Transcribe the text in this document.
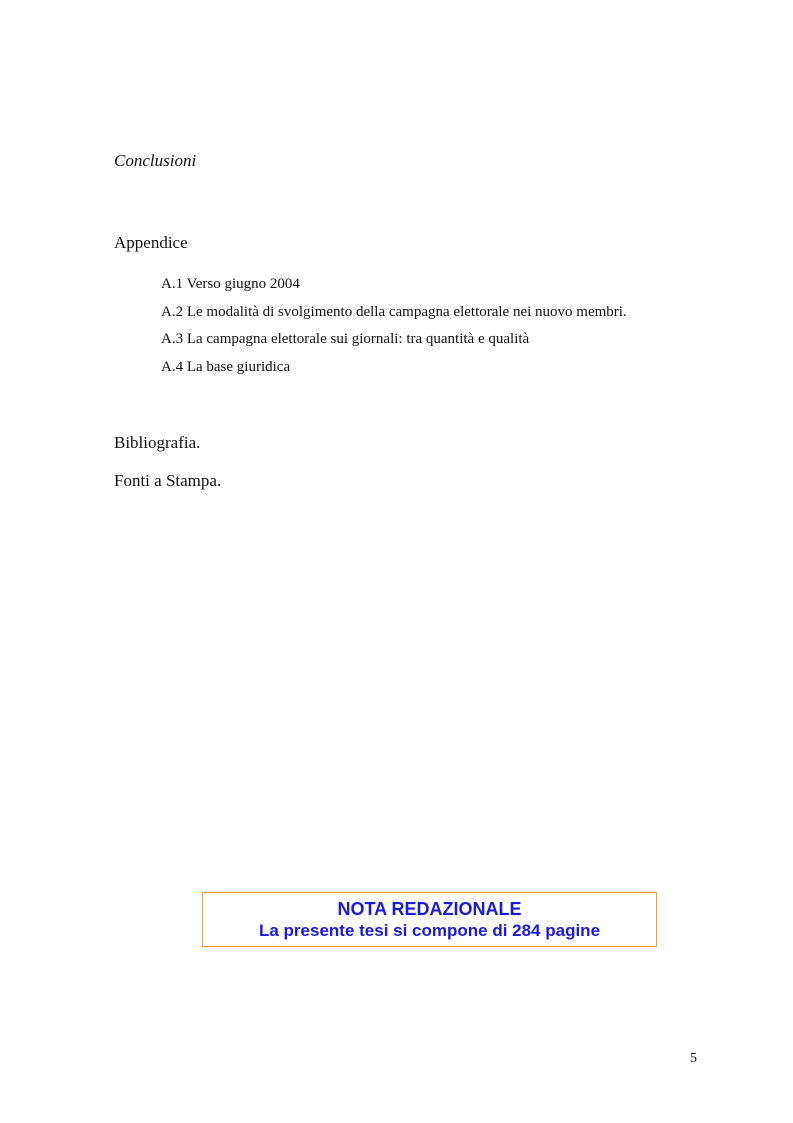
Conclusioni
Appendice
A.1 Verso giugno 2004
A.2 Le modalità di svolgimento della campagna elettorale nei nuovo membri.
A.3 La campagna elettorale sui giornali: tra quantità e qualità
A.4 La base giuridica
Bibliografia.
Fonti a Stampa.
NOTA REDAZIONALE
La presente tesi si compone di 284 pagine
5
